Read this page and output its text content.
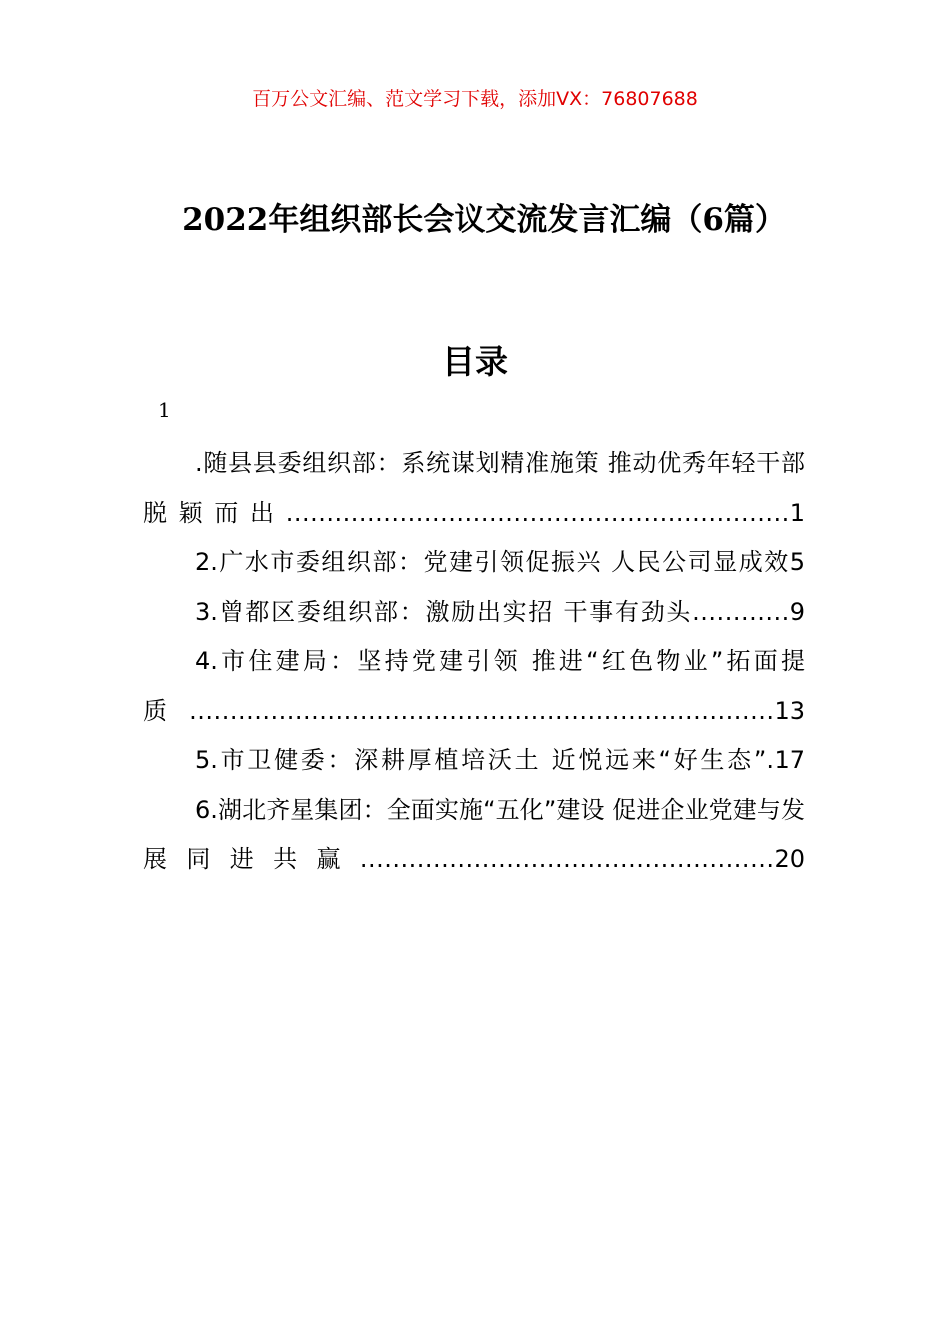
百万公文汇编、范文学习下载，添加VX：76807688
2022年组织部长会议交流发言汇编（6篇）
目录
1
.随县县委组织部：系统谋划精准施策 推动优秀年轻干部脱颖而出..............................................................1
2.广水市委组织部：党建引领促振兴 人民公司显成效5
3.曾都区委组织部：激励出实招 干事有劲头............9
4.市住建局：坚持党建引领 推进“红色物业”拓面提质........................................................................13
5.市卫健委：深耕厚植培沃土 近悦远来“好生态”.17
6.湖北齐星集团：全面实施“五化”建设 促进企业党建与发展同进共赢...................................................20
